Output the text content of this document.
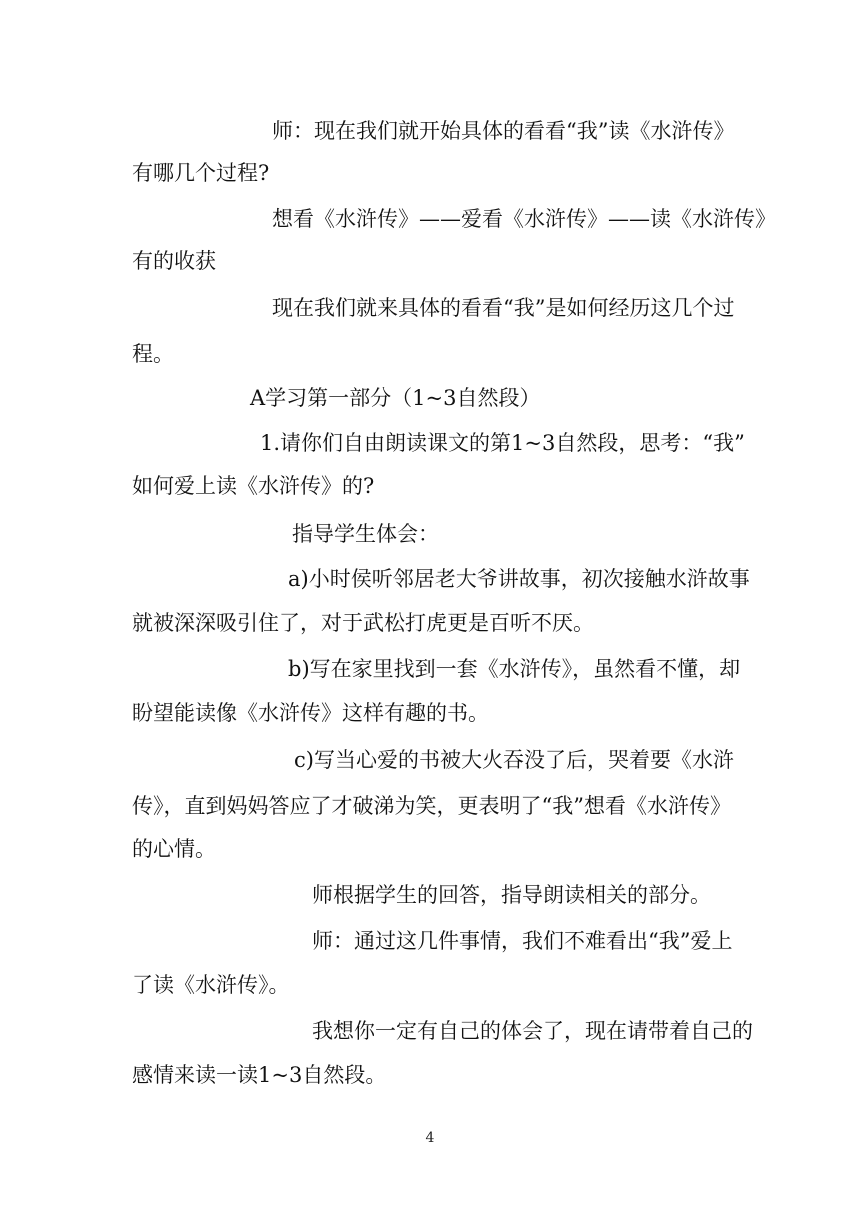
师：现在我们就开始具体的看看“我”读《水浒传》

有哪几个过程?

想看《水浒传》——爱看《水浒传》——读《水浒传》

有的收获

现在我们就来具体的看看“我”是如何经历这几个过

程。

A学习第一部分（1~3自然段）

1.请你们自由朗读课文的第1~3自然段，思考：“我”

如何爱上读《水浒传》的?

指导学生体会：

a)小时侯听邻居老大爷讲故事，初次接触水浒故事

就被深深吸引住了，对于武松打虎更是百听不厌。

b)写在家里找到一套《水浒传》，虽然看不懂，却

盼望能读像《水浒传》这样有趣的书。

c)写当心爱的书被大火吞没了后，哭着要《水浒

传》，直到妈妈答应了才破涕为笑，更表明了“我”想看《水浒传》

的心情。

师根据学生的回答，指导朗读相关的部分。

师：通过这几件事情，我们不难看出“我”爱上

了读《水浒传》。

我想你一定有自己的体会了，现在请带着自己的

感情来读一读1~3自然段。

4
